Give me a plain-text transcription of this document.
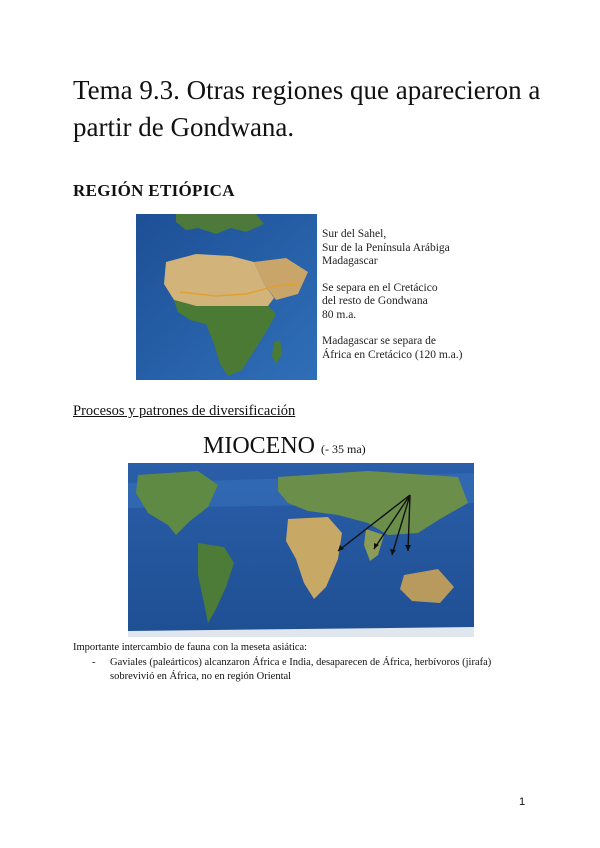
Tema 9.3. Otras regiones que aparecieron a partir de Gondwana.
REGIÓN ETIÓPICA

Sur del Sahel,
Sur de la Península Arábiga
Madagascar

Se separa en el Cretácico
del resto de Gondwana
80 m.a.

Madagascar se separa de
África en Cretácico (120 m.a.)

Procesos y patrones de diversificación
MIOCENO (- 35 ma)
Importante intercambio de fauna con la meseta asiática:
- Gaviales (paleárticos) alcanzaron África e India, desaparecen de África, herbívoros (jirafa) sobrevivió en África, no en región Oriental
1
